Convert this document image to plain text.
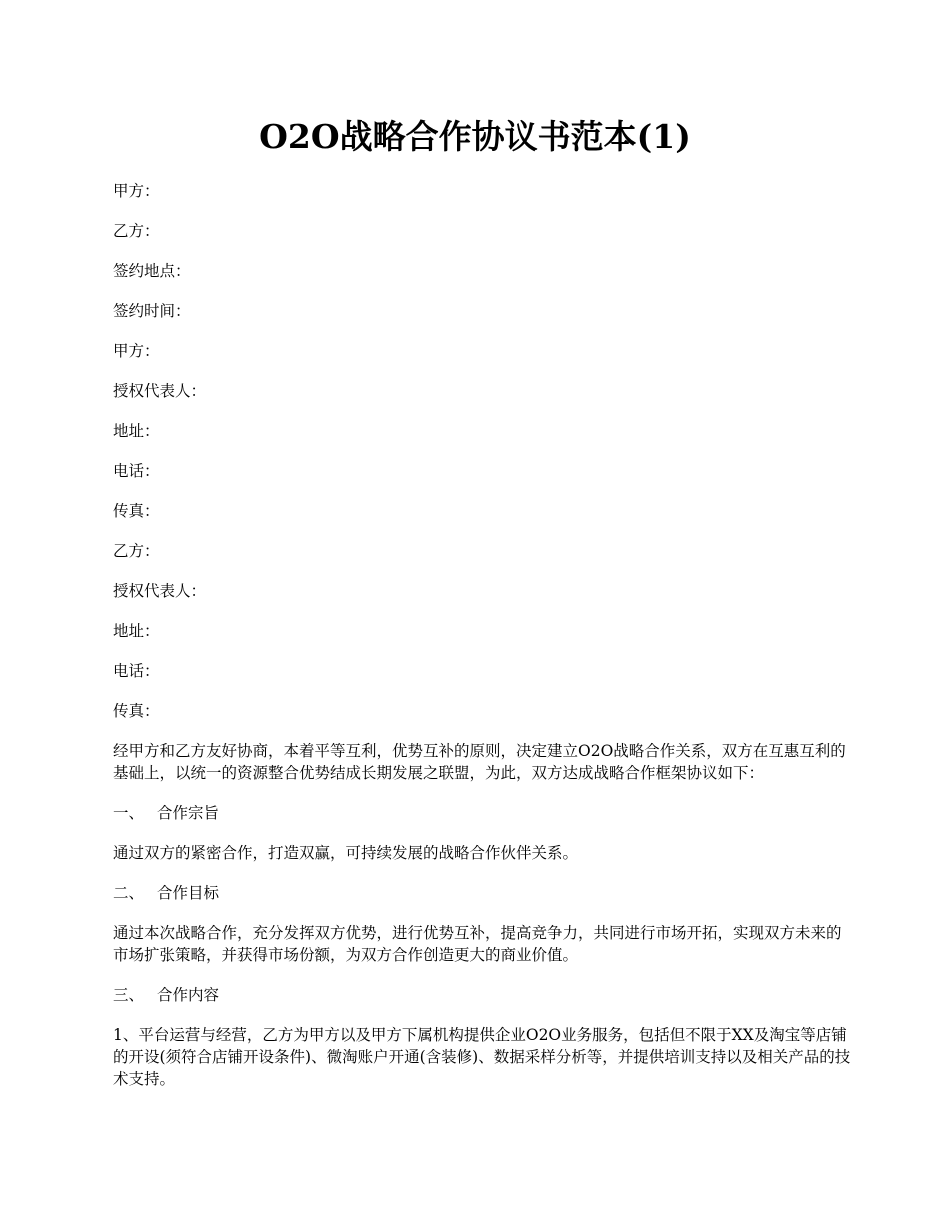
O2O战略合作协议书范本(1)

甲方：

乙方：

签约地点：

签约时间：

甲方：

授权代表人：

地址：

电话：

传真：

乙方：

授权代表人：

地址：

电话：

传真：

经甲方和乙方友好协商，本着平等互利，优势互补的原则，决定建立O2O战略合作关系，双方在互惠互利的基础上，以统一的资源整合优势结成长期发展之联盟，为此，双方达成战略合作框架协议如下：

一、 合作宗旨

通过双方的紧密合作，打造双赢，可持续发展的战略合作伙伴关系。

二、 合作目标

通过本次战略合作，充分发挥双方优势，进行优势互补，提高竞争力，共同进行市场开拓，实现双方未来的市场扩张策略，并获得市场份额，为双方合作创造更大的商业价值。

三、 合作内容

1、平台运营与经营，乙方为甲方以及甲方下属机构提供企业O2O业务服务，包括但不限于XX及淘宝等店铺的开设(须符合店铺开设条件)、微淘账户开通(含装修)、数据采样分析等，并提供培训支持以及相关产品的技术支持。
